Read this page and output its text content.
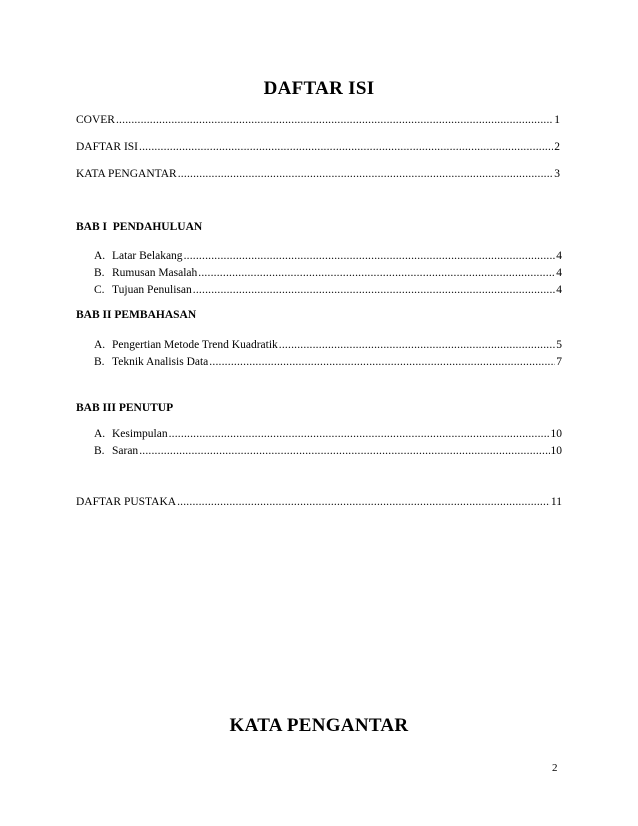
DAFTAR ISI
COVER .....	1
DAFTAR ISI .....	2
KATA PENGANTAR .....	3
BAB I  PENDAHULUAN
A. Latar Belakang .....	4
B. Rumusan Masalah .....	4
C. Tujuan Penulisan .....	4
BAB II PEMBAHASAN
A. Pengertian Metode Trend Kuadratik .....	5
B. Teknik Analisis Data .....	7
BAB III PENUTUP
A. Kesimpulan .....	10
B. Saran .....	10
DAFTAR PUSTAKA .....	11
KATA PENGANTAR
2
